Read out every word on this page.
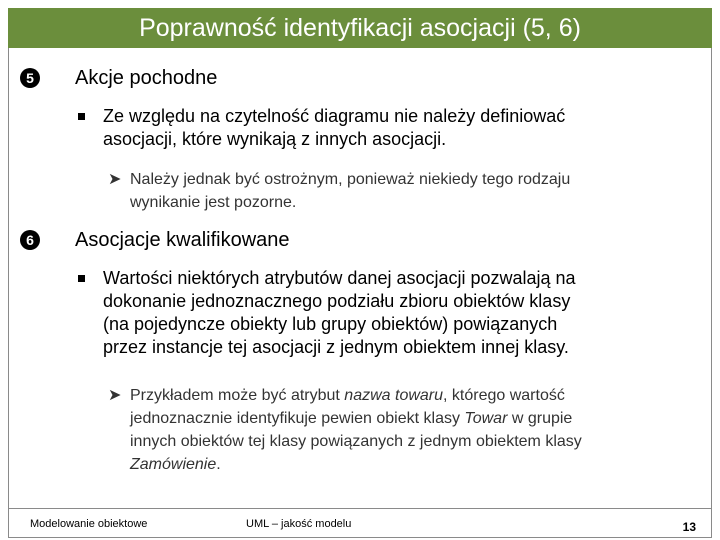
Poprawność identyfikacji asocjacji (5, 6)
5 Akcje pochodne
Ze względu na czytelność diagramu nie należy definiować
asocjacji, które wynikają z innych asocjacji.
➤ Należy jednak być ostrożnym, ponieważ niekiedy tego rodzaju
wynikanie jest pozorne.
6 Asocjacje kwalifikowane
Wartości niektórych atrybutów danej asocjacji pozwalają na
dokonanie jednoznacznego podziału zbioru obiektów klasy
(na pojedyncze obiekty lub grupy obiektów) powiązanych
przez instancje tej asocjacji z jednym obiektem innej klasy.
➤ Przykładem może być atrybut nazwa towaru, którego wartość
jednoznacznie identyfikuje pewien obiekt klasy Towar w grupie
innych obiektów tej klasy powiązanych z jednym obiektem klasy
Zamówienie.
Modelowanie obiektowe	UML – jakość modelu	13
